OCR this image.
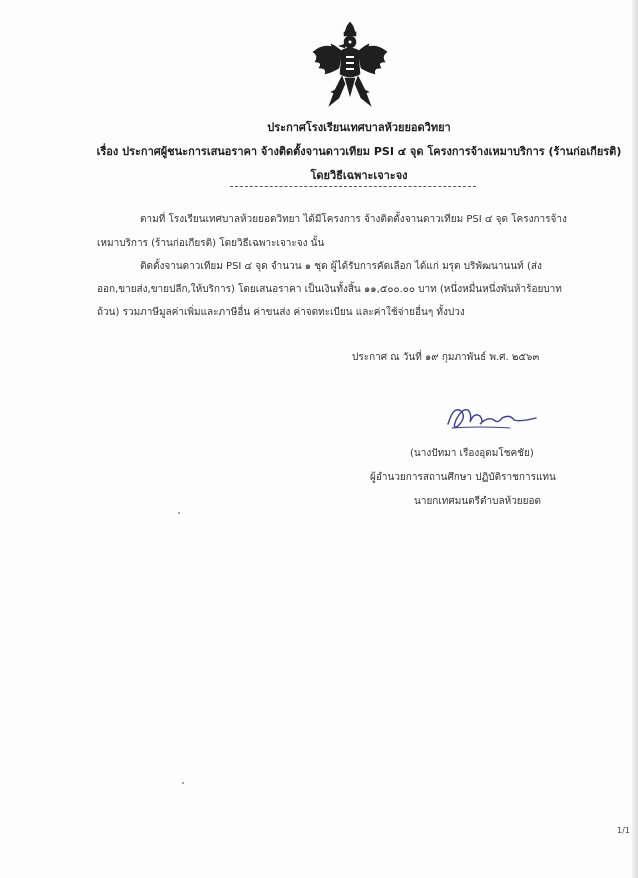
ประกาศโรงเรียนเทศบาลห้วยยอดวิทยา
เรื่อง ประกาศผู้ชนะการเสนอราคา จ้างติดตั้งจานดาวเทียม PSI ๔ จุด โครงการจ้างเหมาบริการ (ร้านก่อเกียรติ)
โดยวิธีเฉพาะเจาะจง
ตามที่ โรงเรียนเทศบาลห้วยยอดวิทยา ได้มีโครงการ จ้างติดตั้งจานดาวเทียม PSI ๔ จุด โครงการจ้าง
เหมาบริการ (ร้านก่อเกียรติ) โดยวิธีเฉพาะเจาะจง นั้น
ติดตั้งจานดาวเทียม PSI ๔ จุด จำนวน ๑ ชุด ผู้ได้รับการคัดเลือก ได้แก่ มรุต บริพัฒนานนท์ (ส่ง
ออก,ขายส่ง,ขายปลีก,ให้บริการ) โดยเสนอราคา เป็นเงินทั้งสิ้น ๑๑,๕๐๐.๐๐ บาท (หนึ่งหมื่นหนึ่งพันห้าร้อยบาท
ถ้วน) รวมภาษีมูลค่าเพิ่มและภาษีอื่น ค่าขนส่ง ค่าจดทะเบียน และค่าใช้จ่ายอื่นๆ ทั้งปวง
ประกาศ ณ วันที่ ๑๙ กุมภาพันธ์ พ.ศ. ๒๕๖๓
(นางปัทมา เรืองอุดมโชคชัย)
ผู้อำนวยการสถานศึกษา ปฏิบัติราชการแทน
นายกเทศมนตรีตำบลห้วยยอด
1/1
